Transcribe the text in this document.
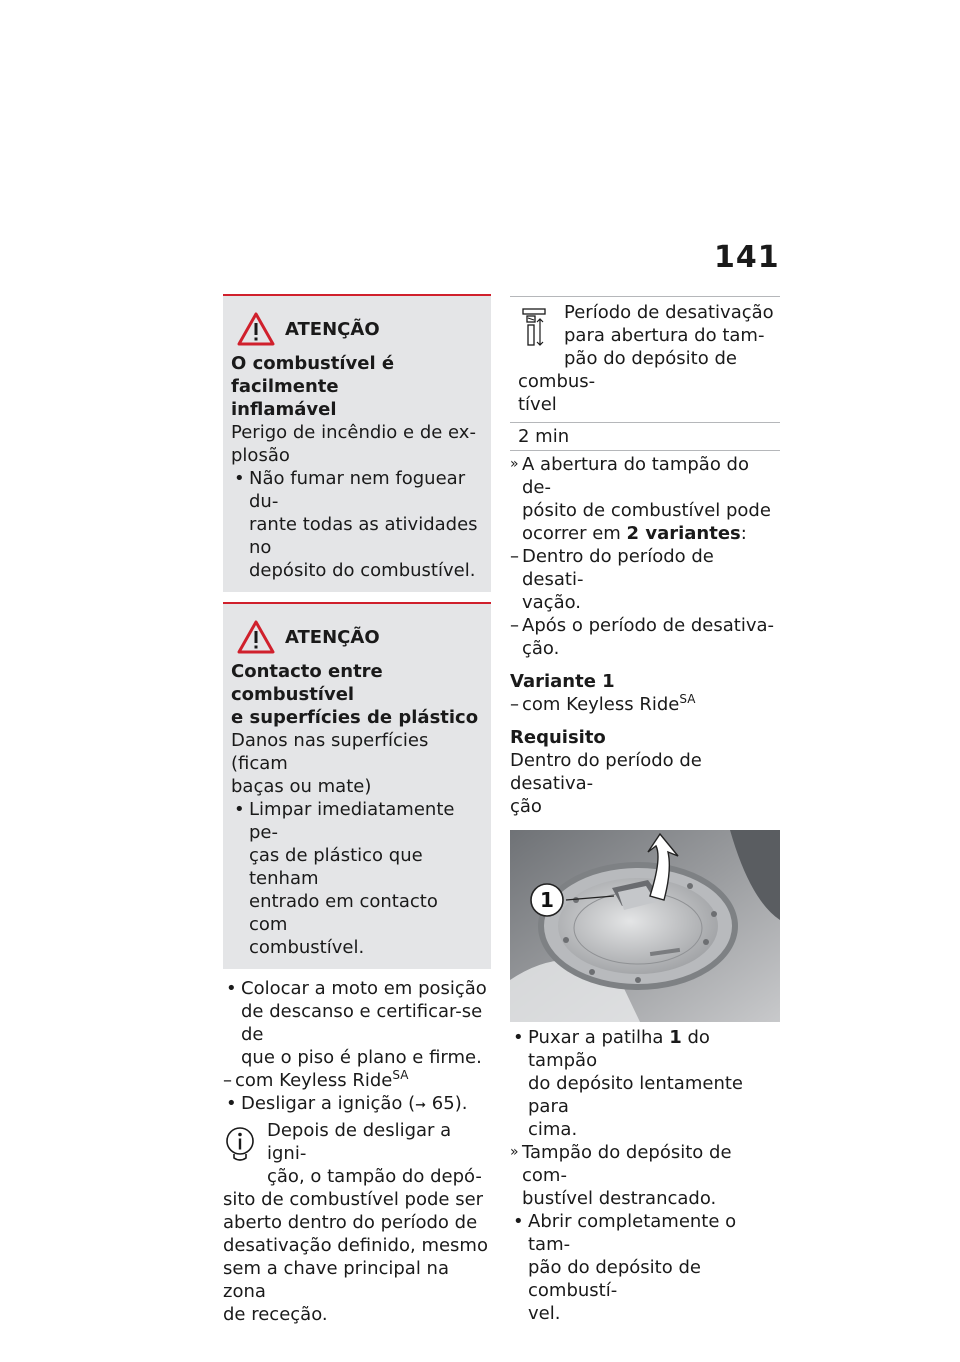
141
ATENÇÃO
O combustível é facilmente
inflamável
Perigo de incêndio e de ex-
plosão
• Não fumar nem foguear du-
rante todas as atividades no
depósito do combustível.
ATENÇÃO
Contacto entre combustível
e superfícies de plástico
Danos nas superfícies (ficam
baças ou mate)
• Limpar imediatamente pe-
ças de plástico que tenham
entrado em contacto com
combustível.
• Colocar a moto em posição
de descanso e certificar-se de
que o piso é plano e firme.
– com Keyless Ride$^{SA}$
• Desligar a ignição (➞ 65).
Depois de desligar a igni-
ção, o tampão do depó-
sito de combustível pode ser
aberto dentro do período de
desativação definido, mesmo
sem a chave principal na zona
de receção.
Período de desativação
para abertura do tam-
pão do depósito de combus-
tível
2 min
» A abertura do tampão do de-
pósito de combustível pode
ocorrer em 2 variantes:
– Dentro do período de desati-
vação.
– Após o período de desativa-
ção.
Variante 1
– com Keyless Ride$^{SA}$
Requisito
Dentro do período de desativa-
ção
1
• Puxar a patilha 1 do tampão
do depósito lentamente para
cima.
» Tampão do depósito de com-
bustível destrancado.
• Abrir completamente o tam-
pão do depósito de combustí-
vel.
